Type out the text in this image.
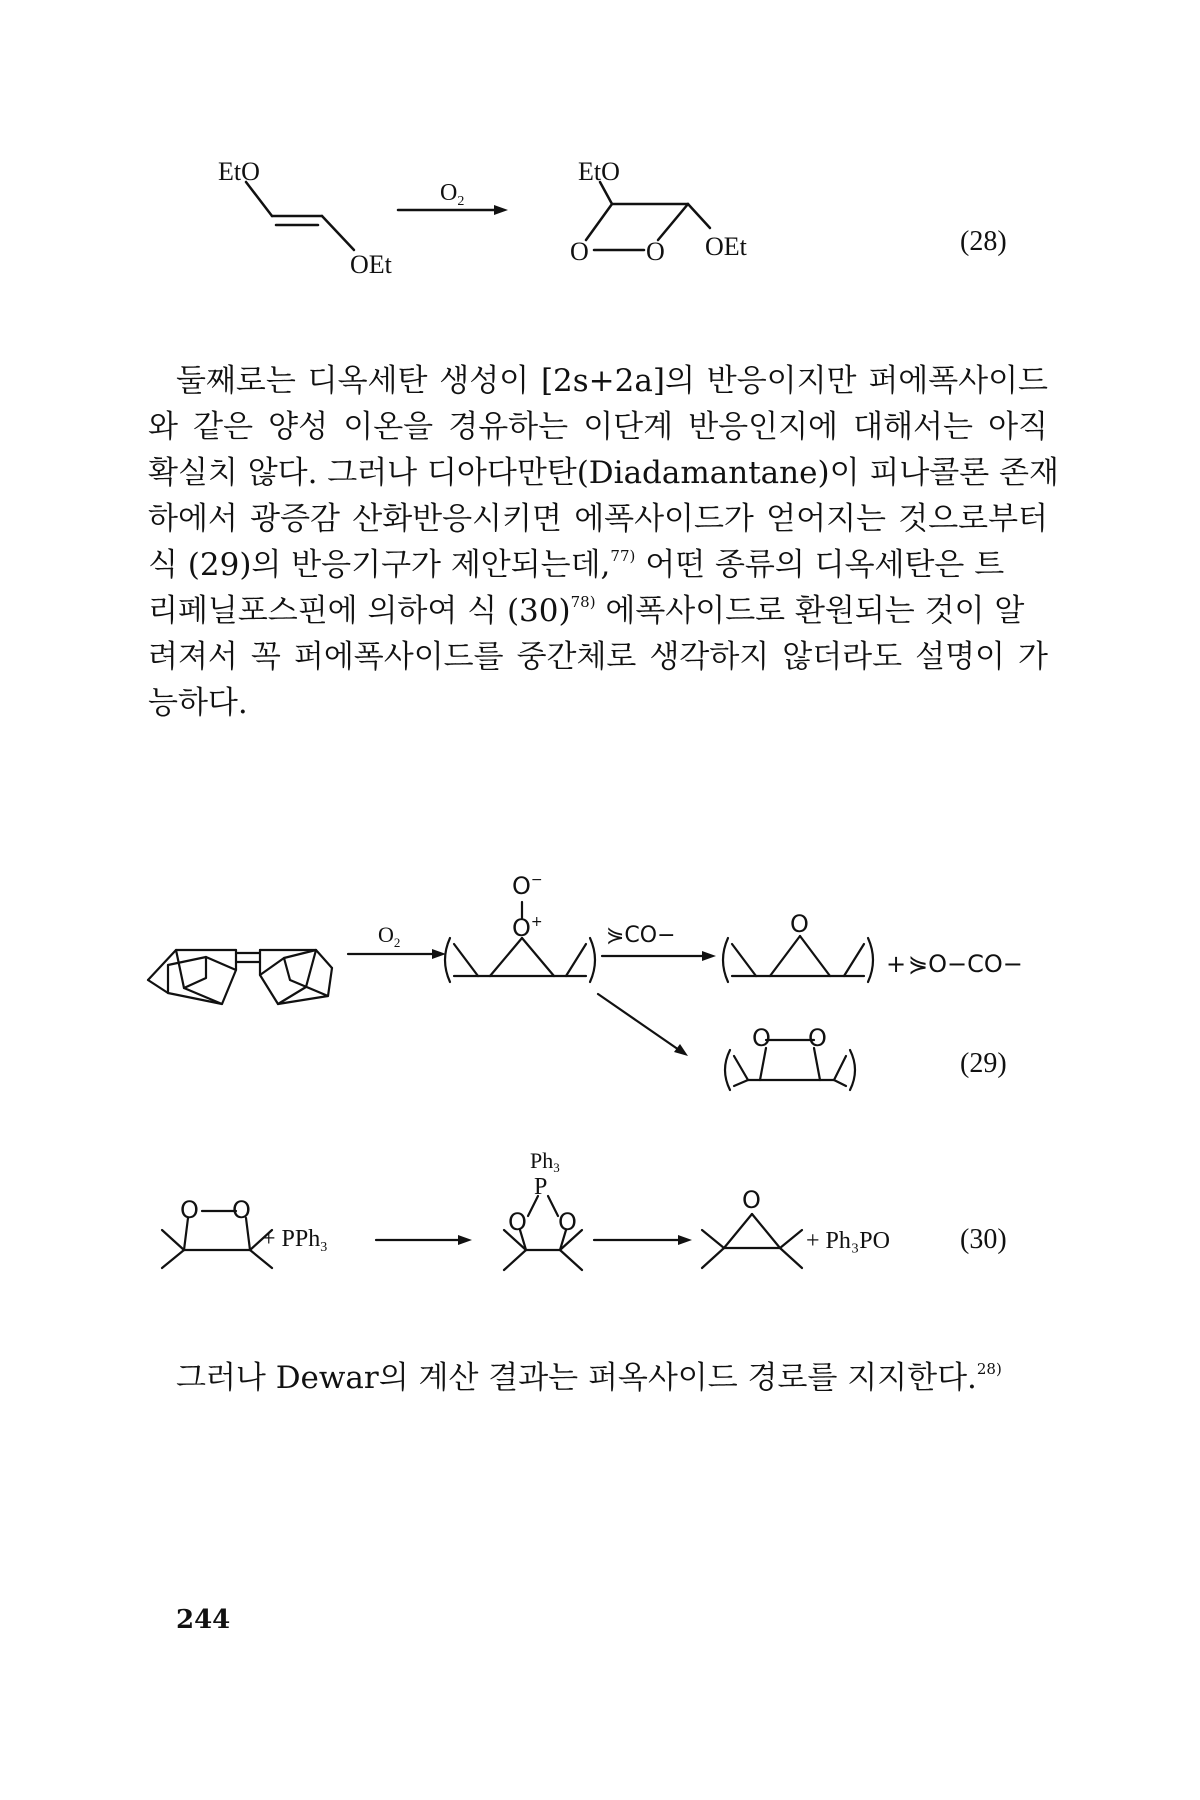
EtO
OEt
$O_2$
EtO
O O OEt	(28)

둘째로는 디옥세탄 생성이 [2s+2a]의 반응이지만 퍼에폭사이드

와 같은 양성 이온을 경유하는 이단계 반응인지에 대해서는 아직

확실치 않다. 그러나 디아다만탄(Diadamantane)이 피나콜론 존재

하에서 광증감 산화반응시키면 에폭사이드가 얻어지는 것으로부터

식 (29)의 반응기구가 제안되는데,$^{77)}$ 어떤 종류의 디옥세탄은 트

리페닐포스핀에 의하여 식 $(30)^{78)}$ 에폭사이드로 환원되는 것이 알

려져서 꼭 퍼에폭사이드를 중간체로 생각하지 않더라도 설명이 가

능하다.

$O_2$
O−
O+
⋟CO−	O
+ ⋟O−CO−
O O
(29)
O O
+ PPh$_3$
Ph3
P
O O
O
+ Ph₃PO	(30)

그러나 Dewar의 계산 결과는 퍼옥사이드 경로를 지지한다.$^{28)}$

244
